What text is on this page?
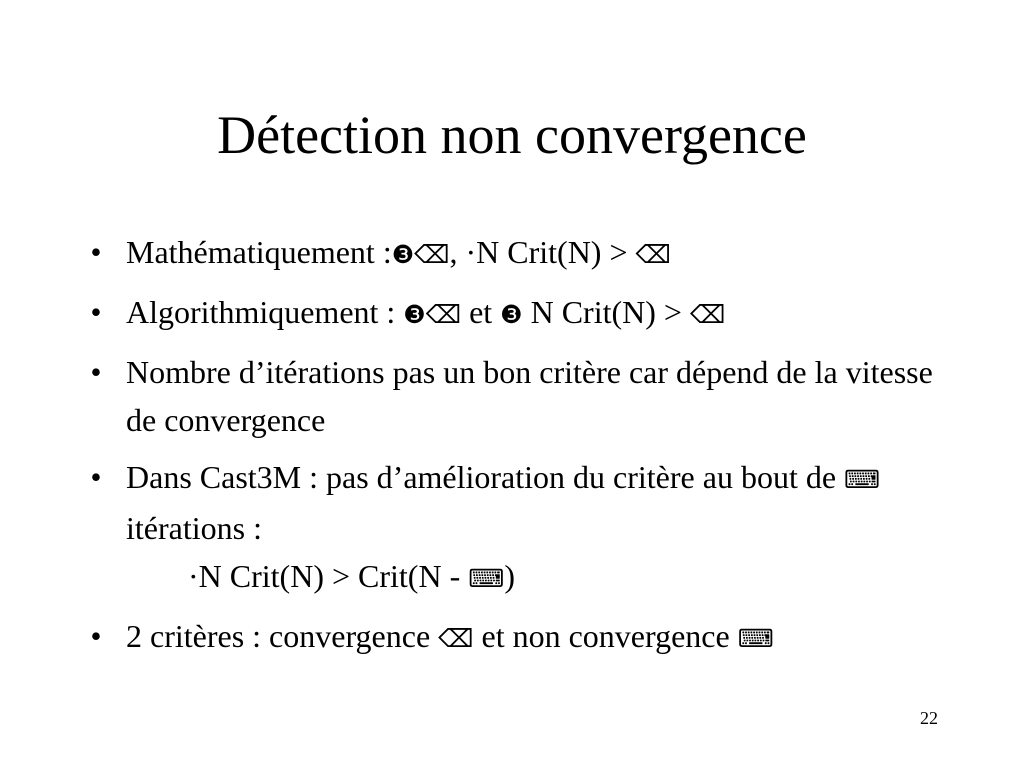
Détection non convergence
• Mathématiquement :❸⌫, ·N Crit(N) > ⌫
• Algorithmiquement : ❸⌫ et ❸ N Crit(N) > ⌫
• Nombre d’itérations pas un bon critère car dépend de la vitesse de convergence
• Dans Cast3M : pas d’amélioration du critère au bout de ⌨ itérations :
·N Crit(N) > Crit(N - ⌨)
• 2 critères : convergence ⌫ et non convergence ⌨
22
